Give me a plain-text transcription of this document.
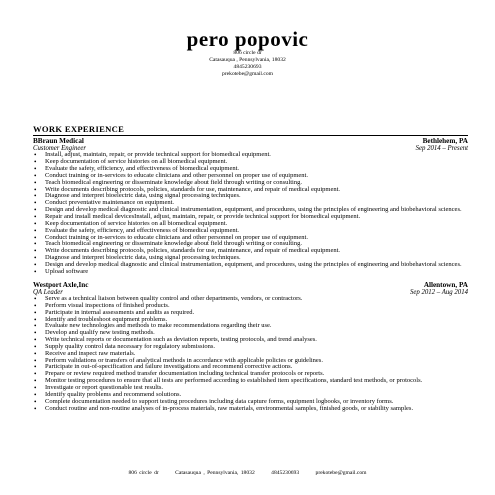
pero popovic
806 circle dr
Catasauqua , Pennsylvania, 18032
4845230693
prekotebe@gmail.com
WORK EXPERIENCE
BBraun Medical	Bethlehem, PA
Customer Engineer	Sep 2014 – Present
• Install, adjust, maintain, repair, or provide technical support for biomedical equipment.
• Keep documentation of service histories on all biomedical equipment.
• Evaluate the safety, efficiency, and effectiveness of biomedical equipment.
• Conduct training or in-services to educate clinicians and other personnel on proper use of equipment.
• Teach biomedical engineering or disseminate knowledge about field through writing or consulting.
• Write documents describing protocols, policies, standards for use, maintenance, and repair of medical equipment.
• Diagnose and interpret bioelectric data, using signal processing techniques.
• Conduct preventative maintenance on equipment.
• Design and develop medical diagnostic and clinical instrumentation, equipment, and procedures, using the principles of engineering and biobehavioral sciences.
• Repair and install medical devicesInstall, adjust, maintain, repair, or provide technical support for biomedical equipment.
• Keep documentation of service histories on all biomedical equipment.
• Evaluate the safety, efficiency, and effectiveness of biomedical equipment.
• Conduct training or in-services to educate clinicians and other personnel on proper use of equipment.
• Teach biomedical engineering or disseminate knowledge about field through writing or consulting.
• Write documents describing protocols, policies, standards for use, maintenance, and repair of medical equipment.
• Diagnose and interpret bioelectric data, using signal processing techniques.
• Design and develop medical diagnostic and clinical instrumentation, equipment, and procedures, using the principles of engineering and biobehavioral sciences.
• Upload software
Westport Axle,Inc	Allentown, PA
QA Leader	Sep 2012 – Aug 2014
• Serve as a technical liaison between quality control and other departments, vendors, or contractors.
• Perform visual inspections of finished products.
• Participate in internal assessments and audits as required.
• Identify and troubleshoot equipment problems.
• Evaluate new technologies and methods to make recommendations regarding their use.
• Develop and qualify new testing methods.
• Write technical reports or documentation such as deviation reports, testing protocols, and trend analyses.
• Supply quality control data necessary for regulatory submissions.
• Receive and inspect raw materials.
• Perform validations or transfers of analytical methods in accordance with applicable policies or guidelines.
• Participate in out-of-specification and failure investigations and recommend corrective actions.
• Prepare or review required method transfer documentation including technical transfer protocols or reports.
• Monitor testing procedures to ensure that all tests are performed according to established item specifications, standard test methods, or protocols.
• Investigate or report questionable test results.
• Identify quality problems and recommend solutions.
• Complete documentation needed to support testing procedures including data capture forms, equipment logbooks, or inventory forms.
• Conduct routine and non-routine analyses of in-process materials, raw materials, environmental samples, finished goods, or stability samples.
806 circle dr	Catasauqua , Pennsylvania, 18032	4845230693	prekotebe@gmail.com
